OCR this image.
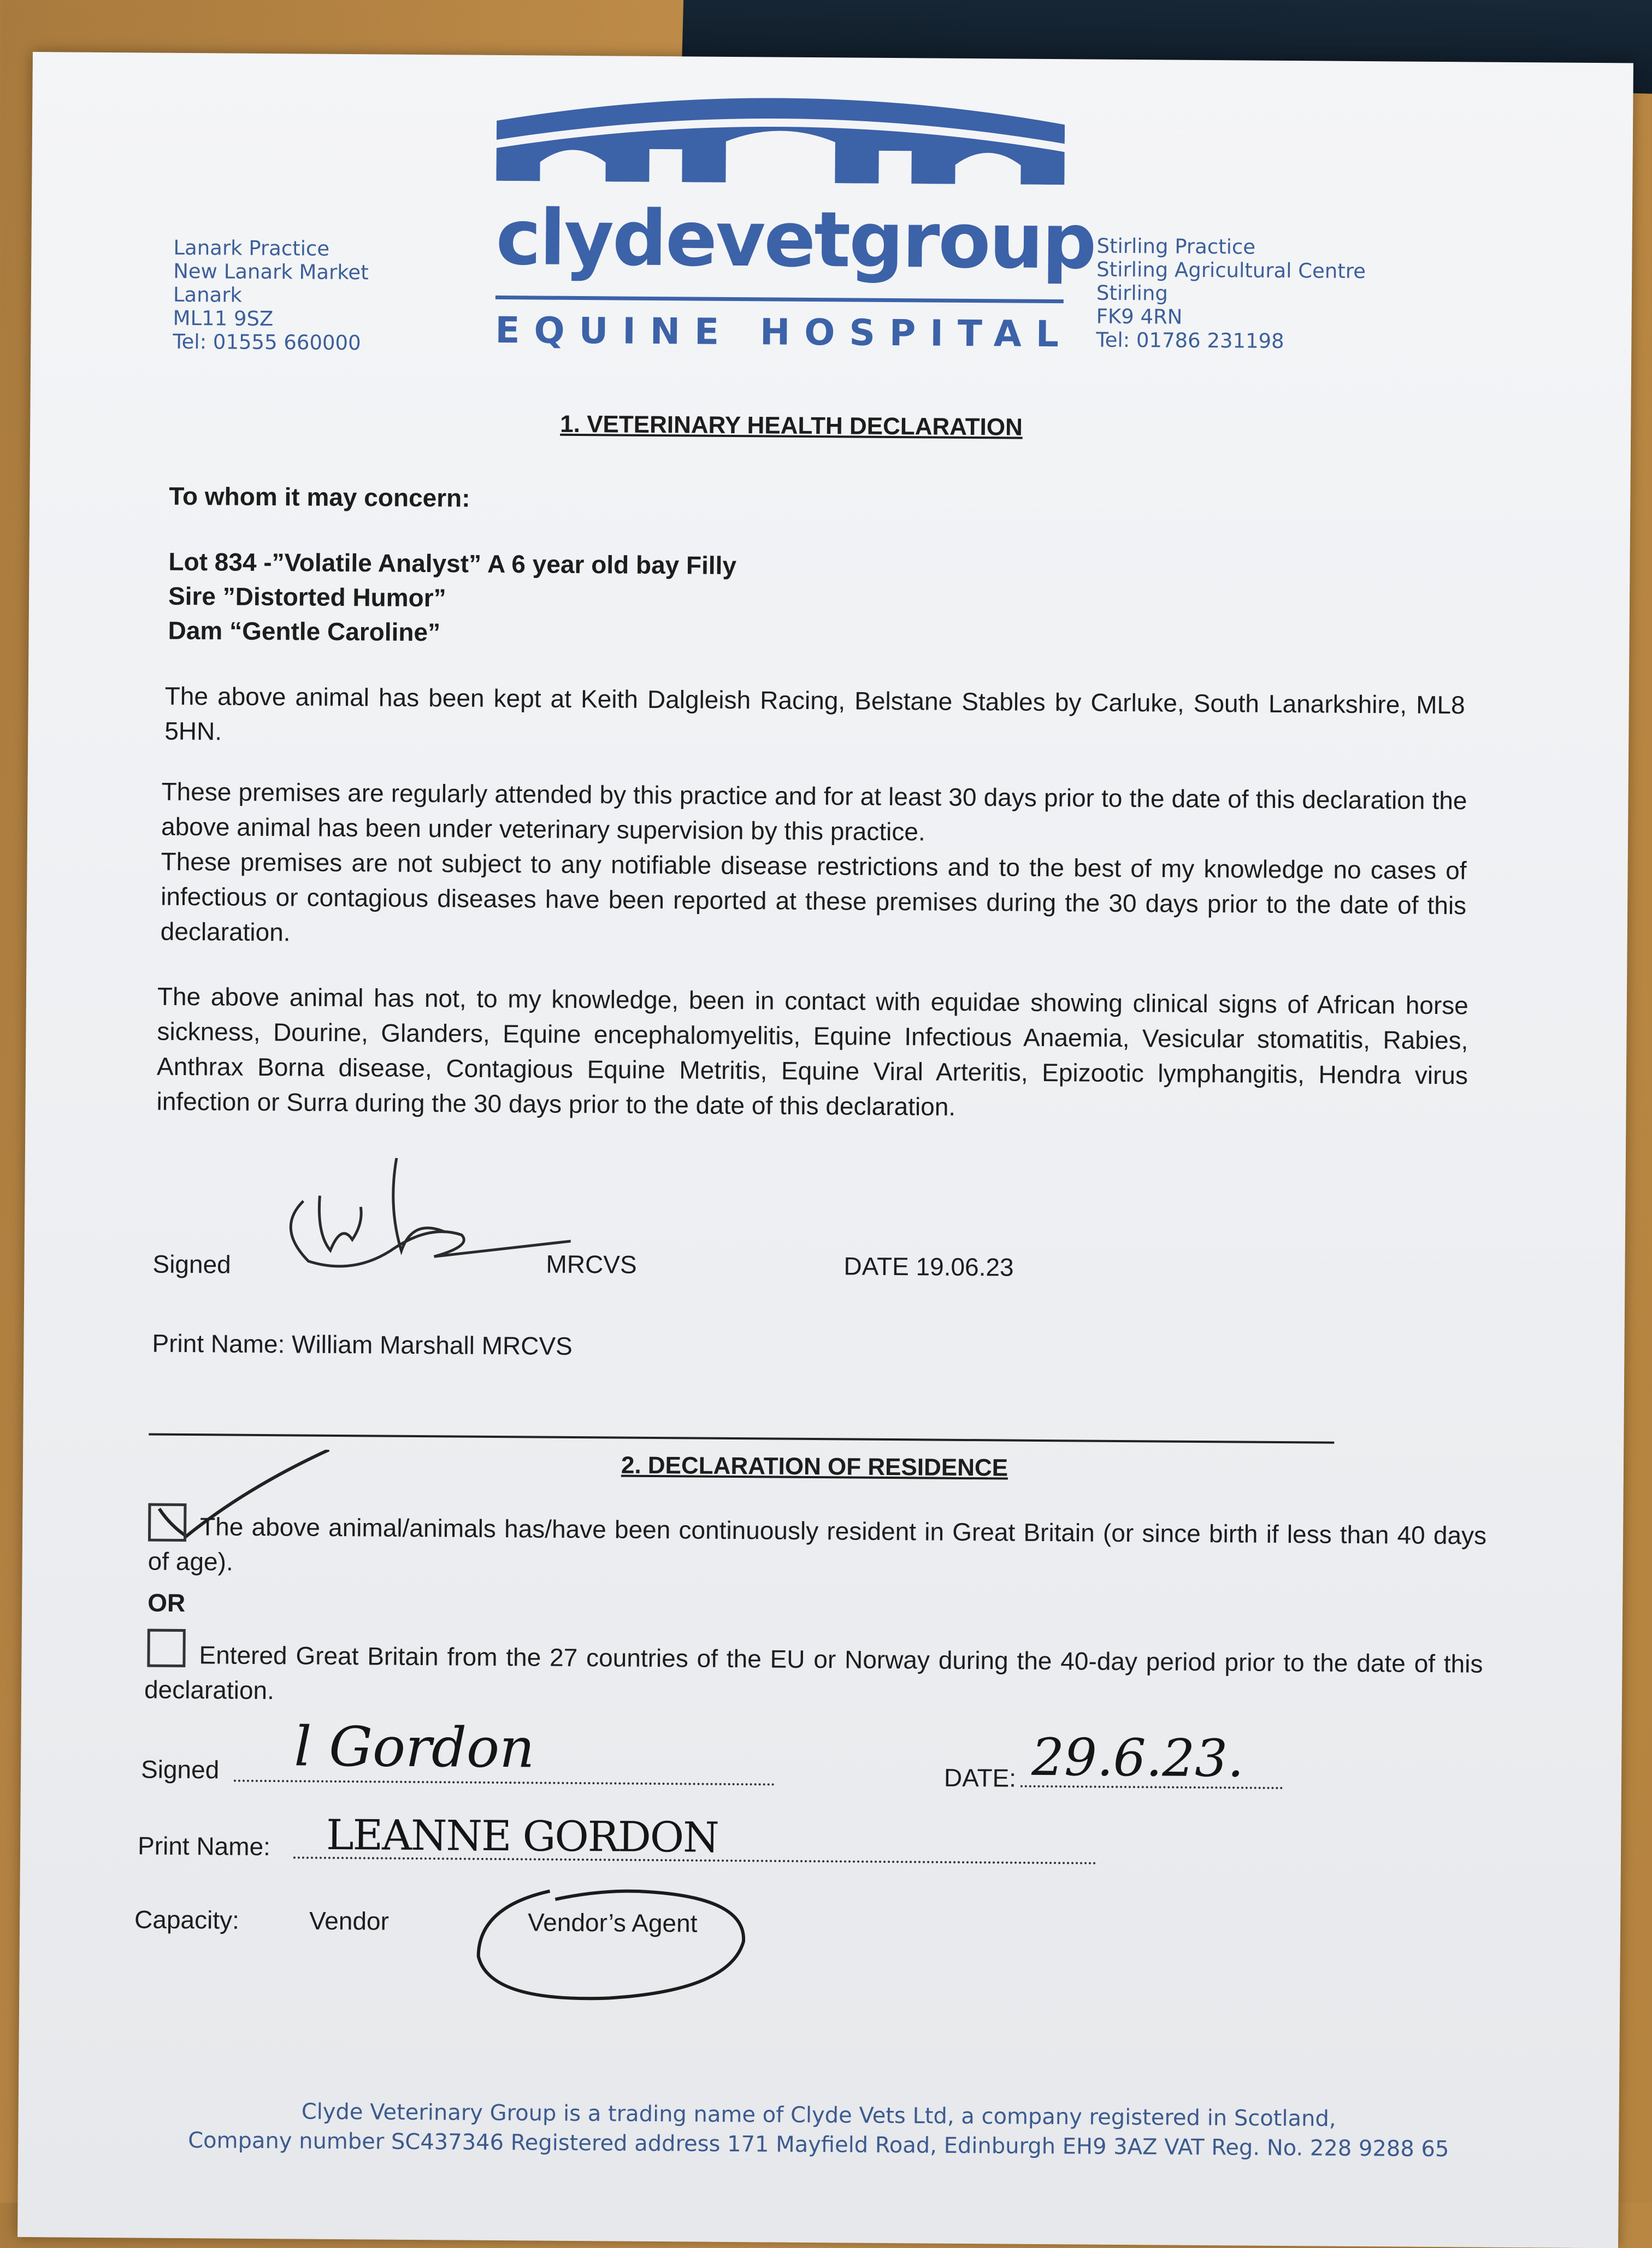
Lanark Practice
New Lanark Market
Lanark
ML11 9SZ
Tel: 01555 660000
clydevetgroup
EQUINE HOSPITAL
Stirling Practice
Stirling Agricultural Centre
Stirling
FK9 4RN
Tel: 01786 231198
1. VETERINARY HEALTH DECLARATION
To whom it may concern:
Lot 834 -”Volatile Analyst” A 6 year old bay Filly
Sire ”Distorted Humor”
Dam “Gentle Caroline”
The above animal has been kept at Keith Dalgleish Racing, Belstane Stables by Carluke, South Lanarkshire, ML8 5HN.
These premises are regularly attended by this practice and for at least 30 days prior to the date of this declaration the above animal has been under veterinary supervision by this practice.
These premises are not subject to any notifiable disease restrictions and to the best of my knowledge no cases of infectious or contagious diseases have been reported at these premises during the 30 days prior to the date of this declaration.
The above animal has not, to my knowledge, been in contact with equidae showing clinical signs of African horse sickness, Dourine, Glanders, Equine encephalomyelitis, Equine Infectious Anaemia, Vesicular stomatitis, Rabies, Anthrax Borna disease, Contagious Equine Metritis, Equine Viral Arteritis, Epizootic lymphangitis, Hendra virus infection or Surra during the 30 days prior to the date of this declaration.
Signed	MRCVS	DATE 19.06.23
Print Name: William Marshall MRCVS
2. DECLARATION OF RESIDENCE
The above animal/animals has/have been continuously resident in Great Britain (or since birth if less than 40 days of age).
OR
Entered Great Britain from the 27 countries of the EU or Norway during the 40-day period prior to the date of this declaration.
Signed l Gordon	DATE: 29.6.23.
Print Name: LEANNE GORDON
Capacity:	Vendor	Vendor’s Agent
Clyde Veterinary Group is a trading name of Clyde Vets Ltd, a company registered in Scotland,
Company number SC437346 Registered address 171 Mayfield Road, Edinburgh EH9 3AZ VAT Reg. No. 228 9288 65
